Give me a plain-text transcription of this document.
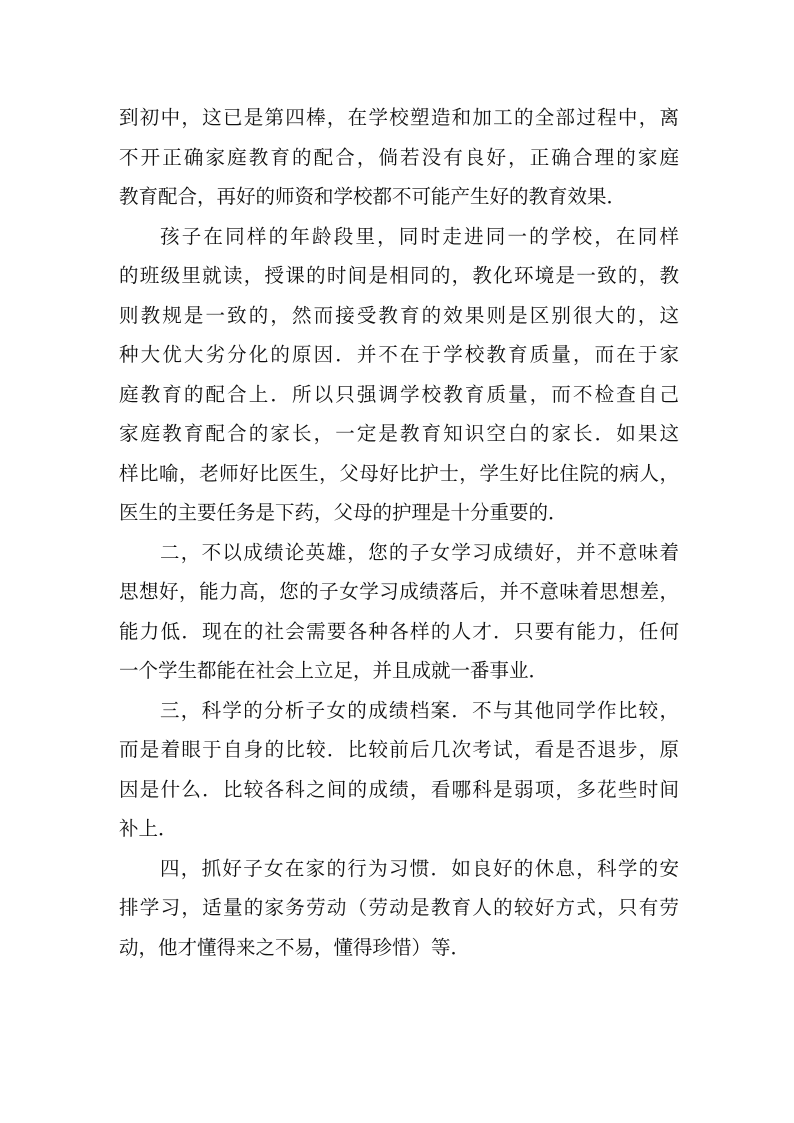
到初中，这已是第四棒，在学校塑造和加工的全部过程中，离
不开正确家庭教育的配合，倘若没有良好，正确合理的家庭
教育配合，再好的师资和学校都不可能产生好的教育效果．
孩子在同样的年龄段里，同时走进同一的学校，在同样
的班级里就读，授课的时间是相同的，教化环境是一致的，教
则教规是一致的，然而接受教育的效果则是区别很大的，这
种大优大劣分化的原因．并不在于学校教育质量，而在于家
庭教育的配合上．所以只强调学校教育质量，而不检查自己
家庭教育配合的家长，一定是教育知识空白的家长．如果这
样比喻，老师好比医生，父母好比护士，学生好比住院的病人，
医生的主要任务是下药，父母的护理是十分重要的．
二，不以成绩论英雄，您的子女学习成绩好，并不意味着
思想好，能力高，您的子女学习成绩落后，并不意味着思想差，
能力低．现在的社会需要各种各样的人才．只要有能力，任何
一个学生都能在社会上立足，并且成就一番事业．
三，科学的分析子女的成绩档案．不与其他同学作比较，
而是着眼于自身的比较．比较前后几次考试，看是否退步，原
因是什么．比较各科之间的成绩，看哪科是弱项，多花些时间
补上．
四，抓好子女在家的行为习惯．如良好的休息，科学的安
排学习，适量的家务劳动（劳动是教育人的较好方式，只有劳
动，他才懂得来之不易，懂得珍惜）等．
